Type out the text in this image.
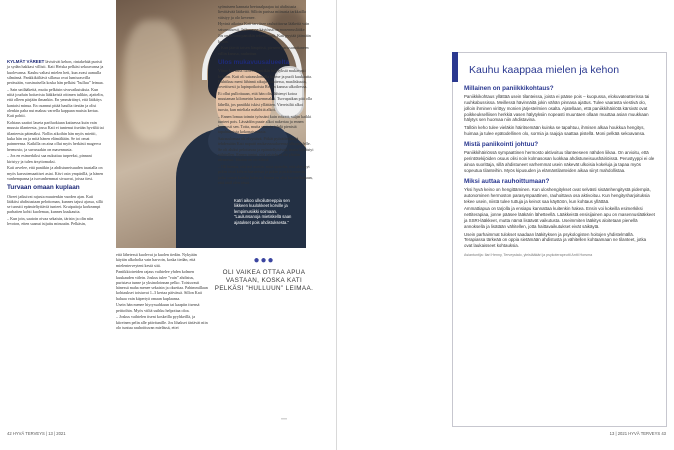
Katri aikoo ulkoilutreeppia sen liikkeen kuulokkeet korville ja lempimusiikki soimaan. "Laulunsanoja mietiskellä saan ajatukset pois ahdistuksesta."

KYLMÄT VÄREET lävistivät kehon, rintakehää puristi ja sydän hakkasi villisti. Kati Heiska pelkäsi sekoavansa ja kuolevansa. Kauhu valtasi mielen heti, kun avasi aamulla silmänsä. Pankkikiiltävä sillassa ovat lumisrasvilla perässään, varsinaisella koska hän pelkäsi ”hulluu” leimaa.

– Sain unilääkettä, mutta pelkäsin sivuvaikutuksia. Kun niitä jouduin hoitavista lääkkeistä otttmen tulikin, ajattelin, että olleen pärjään ilmankin. En ymmärtänyt, että lääkitys kantaisi minua. En osannut pitää hauilta tiestän ja olisi olenkin paha nut makuu varrella kappaan muista kertaa. Kati pohtii.

Kohtaus saattoi laueta pariluokiaan kattaessa kuin vain muusta tilanteesta, jossa Kati ei tuntenut itseään hyvältä tai tilanteesta pätenäksi. Nollin aikoihin hän myös miettii, kuka hän on ja mitä hänen elämältään. Se toi omat painneensa. Kaikilla on aina ollut myös herkästi magerva hermosto, ja suvussakin on masennusta.

– Jos en esimerkiksi saa nukuttua tarpeeksi, pinnani kiristyy ja tulen ärsyttomaksi.

Kati arvelee, että paniikin ja ahdistuneisuuden taustalla on myös kasvutemaattiset asiat. Kävi osin ympärillä, ja hänen vanhempansa ja isovanhemmat sivuavat, joissa tiesi.

Turvaan omaan kuplaan

Oireet jatkuivat rajusta muutenkin vuoden ajan. Kati lääkitsi ahdistustaan pelottoman, kunnes tajusi ajassa, sillä se turrutti epämieltyttäviä tunteet. Kruipattoja korkeampi parhaiten kohti kuolemaa, kunnes kuukautta.

– Kun join, saatoin oivaa sekaisin, tärisin ja olin niin levoton, etten saanut istjuttu minuutin. Pelkäsin,

että lähetessä kuolevat ja kuolen tiedän. Nykyään käytän alkoholia vain harvoin, koska tiedän, että mielenterveyteni kestä sitä.

Paniikkioireiden rajaus vaihtelee yhden kolmen kuukauden välein. Joskus tulee ”vain” ahdistus, puristava tunne ja yksinoloinnan pelko. Toistuvasti hänessä maha menee sekaisin ja oksettaa. Pahimmillaan kohtaukset toistuvat 1–3 kertaa päivässä. Sillon Kati haluaa vain käpertyä omaan kuplaansa.

Usein hän menee hiyryssahkuun tai kaapiin itsensä peittoihin. Myös viiltä suihku helpottaa oloa.

– Joskus vaihtelen itseni koskeilla pyyhkeillä, ja kiireinen pelin alle päiväunille. Jos lihakset täriävät niin olo tuntuu rauhoittuvan mielässä, ettei

syömiseen kannata beetasalpaajaa tai ahdistusta lievittävää lääkettä. Silloin parissa miinusta tarkkailla väistyy ja olo kevenee.

Hyvinä aikoina Kati tarvitsee rauhoittavaa lääkettä vain satunnaisesti. Jatkuvassa käytössä on masennuslääke.

Jos on kotona paniikin tekemisestä, Kati pyytää jäämään kotiin.

– Kun jäävät toisen lämpöisä, pieneen parissanottaneen villin kanssa, rauhoitun.

Ulos mukavuusalueelta

Viime keväänä tuoteen paniikin hälytyksiä mukavasti kehoon. Kati oli sairauslomalla kolme ja puoli kuukautta. Huhtikuu meni lähinnä aikuja ladattessa, maaliskuuta, lovettisesti ja lapinpoikoista Rokan kanssa ulkoilressa.

Ei ollut pullottuaan, että hän olisi lähtenyt kotoa muutaman kilometrin kauemmaksi. Turvapaikan pitä olla lähellä, jos paniikki iskisi yllättäen. Viereisiltä alkoi tuosta, kun mieliala mäkihtiä alkoi.

– Ennen lomaa toimin työssäni kuin robotti, suljin kaikki tunteet pois. Lässädön puute alkoi nakertaa ja ennen huonosti sen. Totta, mutta saatoin tehdä pienistä tapahtumista kokonaisuuksia.

Sairauslomaa oli elvyttävä. Pitkät pyöräilenkkejä tehdessään Kati naputti mukavuusalueensa ulkopuolelle. Se oli aluksi pelottavaa ja epämiellyttävää, mutta kyllästyi vähitellen. Ennen tuntui, että taistelu ei ole yhtään olemassa. Tänään on eri elämä.

– Oli hienoa, että mä mietin, mitä ajattelin, että olet, nyt pidän tästä kehon haasteissa ja pidän pyöräilemisestä, jotka sanon kuinka halusin. Ennen en olisi kuvitellutkaan, että tääll olen tässä.

●●●
OLI VAIKEA OTTAA APUA VASTAAN, KOSKA KATI PELKÄSI ”HULLUUN” LEIMAA.
»»»
42 HYVÄ TERVEYS | 13 | 2021	13 | 2021 HYVÄ TERVEYS 43
Kauhu kaappaa mielen ja kehon
Millainen on paniikkikohtaus?

Paniikkikohtaus yllättää usein tilanteissa, joista ei pääse pois – kuopussa, elokuvateatterissa tai ruuhkabussissa. Meillessä hävinnäitä jokin vähän pinnasa ajattus. Tulee vaarasta viestivä olo, jolloin ihminen virittyy monien järjestelmien osalta. Ajatellaan, että paniikkihäiriötä kärsivät ovat poikkeukselliisen herkkiä vasen hälytyksiin nopeasti muuntaen ollaan muuttaa asian muukkaan hälytys sen huomaa niin ahdistavina.

Tällöin keho tulee vieläkin häiritsemään kuinka se tapahtuu, ihmisen alkaa houkkua hengitys, huimaa ja tulee epätodellinen olo, sormia ja raajoja saattaa pistellä. Moni pelkää sekoavansa.

Mistä paniikointi johtuu?

Paniikkihäiriössä sympaattinen hermosto aktivoituu tilanteeseen nähden liikaa. On arvioitu, että perintötekijöiden osuus olisi noin kolmasosan luokkaa ahdistuneisuushäiriöissä. Perustyyppi ei ole ainoa suorittaja, sillä ahdistuneet varhemmat usein näkevät ulkoisia kokeluja ja tapaa myös sopeutua tilanteihin. Myös kipusuden ja elämäntilanteiden aikaa siiryt mahdollistaa.

Miksi auttaa rauhoittumaan?

Yksi hyvä keino on hengittäminen. Kun uloshengitykset ovat selvästi sisäänhengitystä pidempiä, autonominen hermoston parasympaattinen, rauhoittava osa aktivoituu. Kun hengitysharjoituksia tekee usein, niistä tulee tuttuja ja keinot saa käyttöön, kun kohtaus yllättää.

Ammattiapua on tarjolla ja ensiapu kannattaa kuitenkin hakea. Ensin voi kokeilla esimerkiksi nettiterapiaa, jonne pääsee lääkärin lähetteellä. Lääkkeistä ensisijainen apu on masennuslääkkeet ja SSRI-lääkkeet, mutta nämä lisäävät vaikutusta. Useimmiten lääkitys aloitetaan pienellä annoksella ja lisätään vähitellen, jotta haittavaikutukset eivät säikäytä.

Usein parhaimmat tulokset saadaan lääkityksen ja psykologisten hoitojen yhdistelmällä. Terapiassa tärkeää on oppia sietämään ahdistusta ja vähitellen kohtaamaan ne tilanteet, jotka ovat laukaisseet kohtauksia.

Asiantuntija: Ilari Henny, Terveystalo, yleislääkäri ja psykoterapeutti Antti Horsma
